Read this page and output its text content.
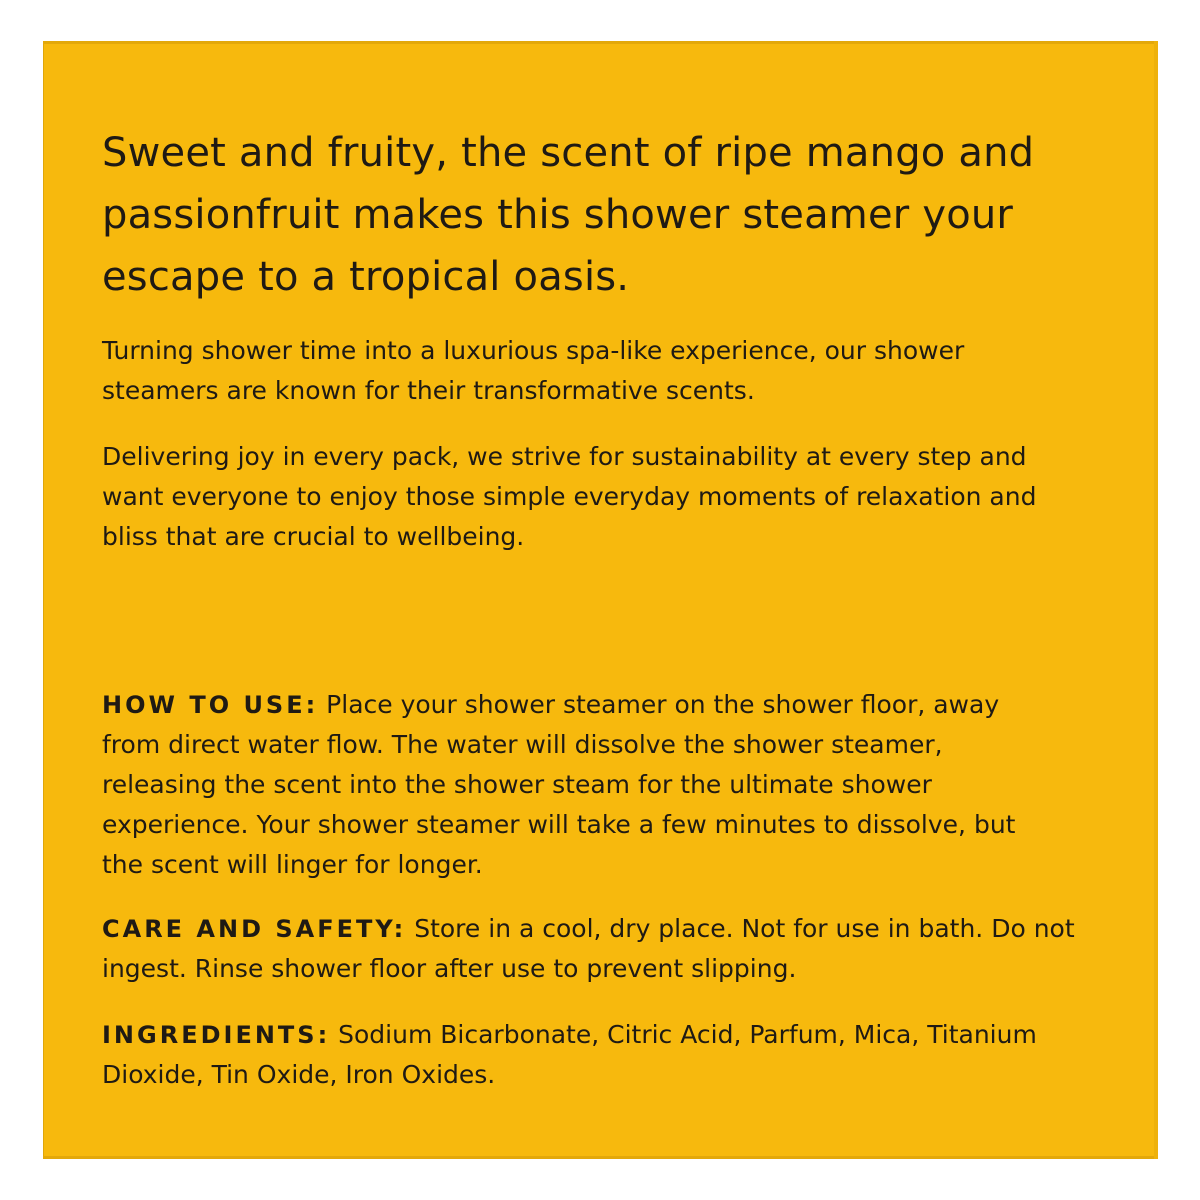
Sweet and fruity, the scent of ripe mango and passionfruit makes this shower steamer your escape to a tropical oasis.

Turning shower time into a luxurious spa-like experience, our shower steamers are known for their transformative scents.

Delivering joy in every pack, we strive for sustainability at every step and want everyone to enjoy those simple everyday moments of relaxation and bliss that are crucial to wellbeing.

HOW TO USE: Place your shower steamer on the shower floor, away from direct water flow. The water will dissolve the shower steamer, releasing the scent into the shower steam for the ultimate shower experience. Your shower steamer will take a few minutes to dissolve, but the scent will linger for longer.

CARE AND SAFETY: Store in a cool, dry place. Not for use in bath. Do not ingest. Rinse shower floor after use to prevent slipping.

INGREDIENTS: Sodium Bicarbonate, Citric Acid, Parfum, Mica, Titanium Dioxide, Tin Oxide, Iron Oxides.
